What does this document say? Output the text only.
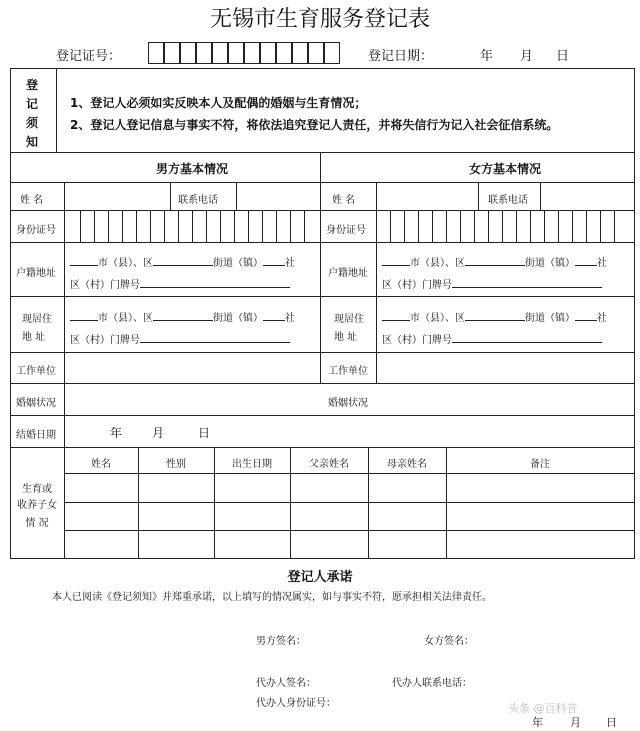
无锡市生育服务登记表
登记证号：	登记日期：	年 月 日
登记须知
1、登记人必须如实反映本人及配偶的婚姻与生育情况；
2、登记人登记信息与事实不符，将依法追究登记人责任，并将失信行为记入社会征信系统。
男方基本情况	女方基本情况
姓 名	联系电话	姓 名	联系电话
身份证号	身份证号
户籍地址
市（县）、区	街道（镇） 社
区（村）门牌号
户籍地址
市（县）、区	街道（镇） 社
区（村）门牌号
现居住
地 址
市（县）、区	街道（镇） 社
区（村）门牌号
现居住
地 址
市（县）、区	街道（镇） 社
区（村）门牌号
工作单位	工作单位
婚姻状况	婚姻状况
结婚日期	年 月	日
生育或
收养子女
情 况
姓名	性别	出生日期	父亲姓名	母亲姓名	备注
登记人承诺
本人已阅读《登记须知》并郑重承诺，以上填写的情况属实，如与事实不符，愿承担相关法律责任。
男方签名：	女方签名：
代办人签名：	代办人联系电话：
代办人身份证号：
年 月 日
头条 @百科音
